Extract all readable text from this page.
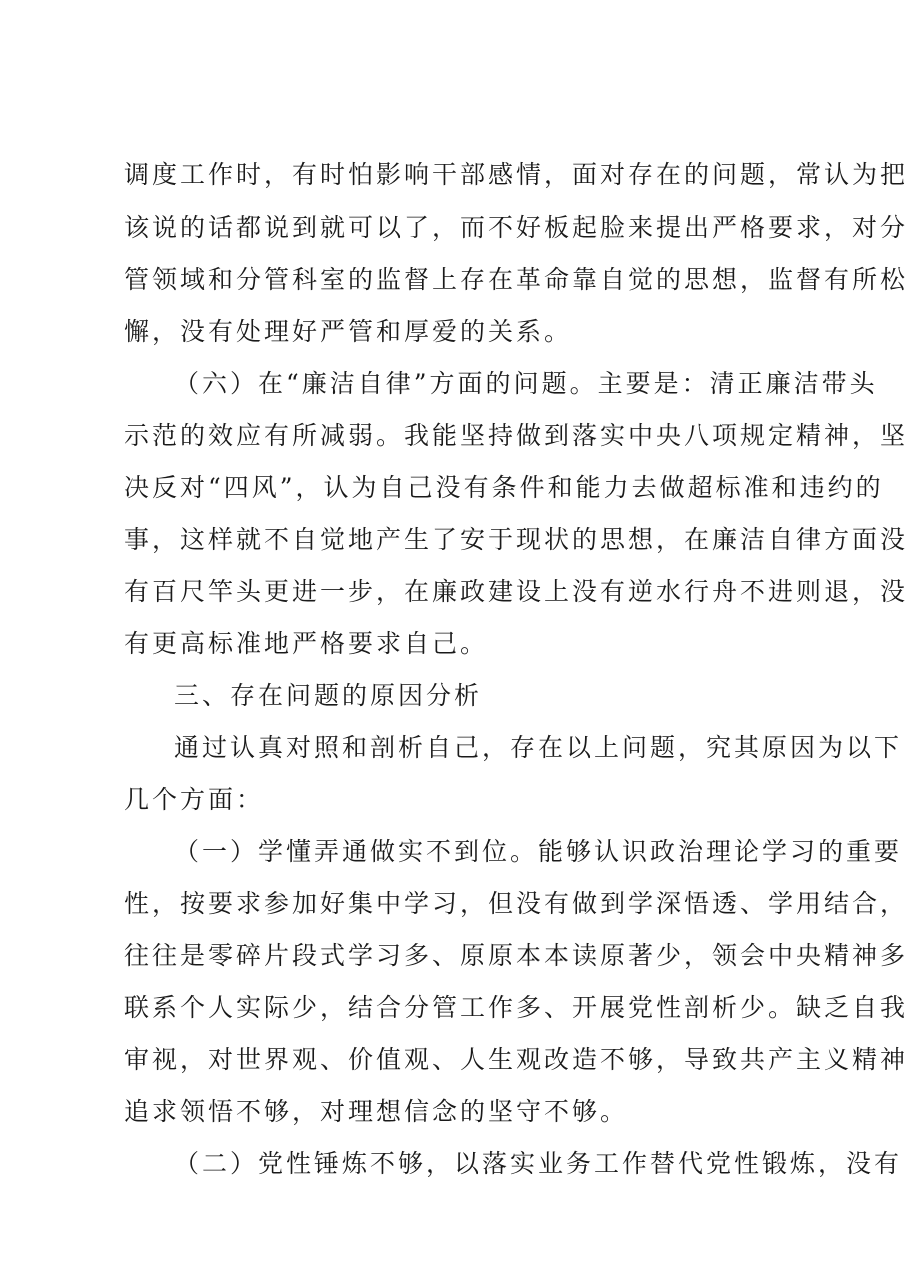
调度工作时，有时怕影响干部感情，面对存在的问题，常认为把
该说的话都说到就可以了，而不好板起脸来提出严格要求，对分
管领域和分管科室的监督上存在革命靠自觉的思想，监督有所松
懈，没有处理好严管和厚爱的关系。
（六）在“廉洁自律”方面的问题。主要是：清正廉洁带头
示范的效应有所减弱。我能坚持做到落实中央八项规定精神，坚
决反对“四风”，认为自己没有条件和能力去做超标准和违约的
事，这样就不自觉地产生了安于现状的思想，在廉洁自律方面没
有百尺竿头更进一步，在廉政建设上没有逆水行舟不进则退，没
有更高标准地严格要求自己。
三、存在问题的原因分析
通过认真对照和剖析自己，存在以上问题，究其原因为以下
几个方面：
（一）学懂弄通做实不到位。能够认识政治理论学习的重要
性，按要求参加好集中学习，但没有做到学深悟透、学用结合，
往往是零碎片段式学习多、原原本本读原著少，领会中央精神多
联系个人实际少，结合分管工作多、开展党性剖析少。缺乏自我
审视，对世界观、价值观、人生观改造不够，导致共产主义精神
追求领悟不够，对理想信念的坚守不够。
（二）党性锤炼不够，以落实业务工作替代党性锻炼，没有
